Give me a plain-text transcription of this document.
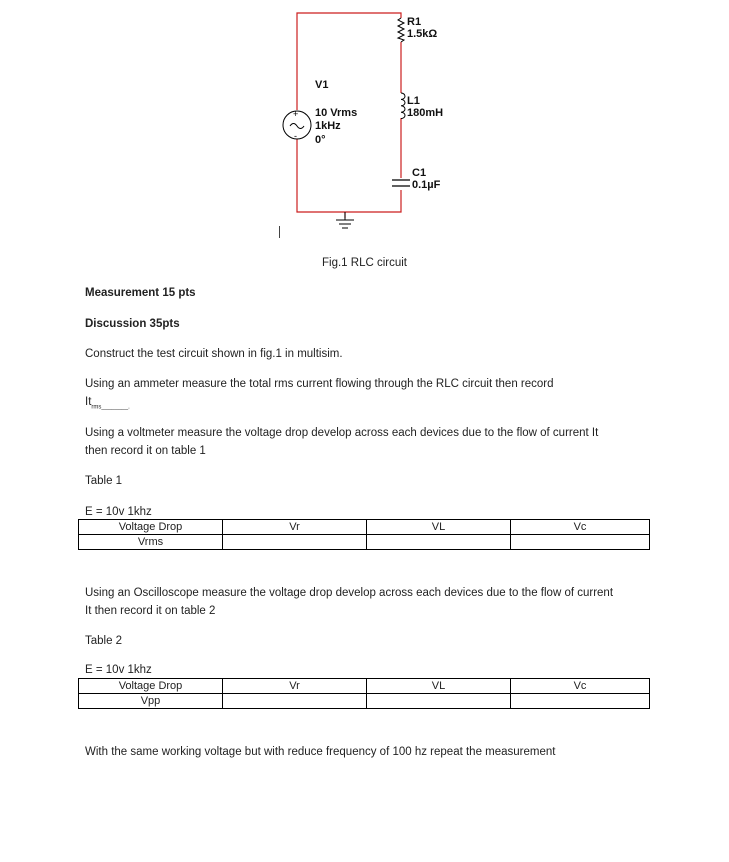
+
-
R1
1.5kΩ
L1
180mH
C1
0.1µF
V1
10 Vrms
1kHz
0°
Fig.1 RLC circuit
Measurement 15 pts
Discussion 35pts
Construct the test circuit shown in fig.1 in multisim.
Using an ammeter measure the total rms current flowing through the RLC circuit then record
$It_{rms\_\_\_\_\_\_\_\_.}$
Using a voltmeter measure the voltage drop develop across each devices due to the flow of current It
then record it on table 1
Table 1
E = 10v 1khz
Voltage Drop	Vr	VL	Vc
Vrms			
Using an Oscilloscope measure the voltage drop develop across each devices due to the flow of current
It then record it on table 2
Table 2
E = 10v 1khz
Voltage Drop	Vr	VL	Vc
Vpp			
With the same working voltage but with reduce frequency of 100 hz repeat the measurement
